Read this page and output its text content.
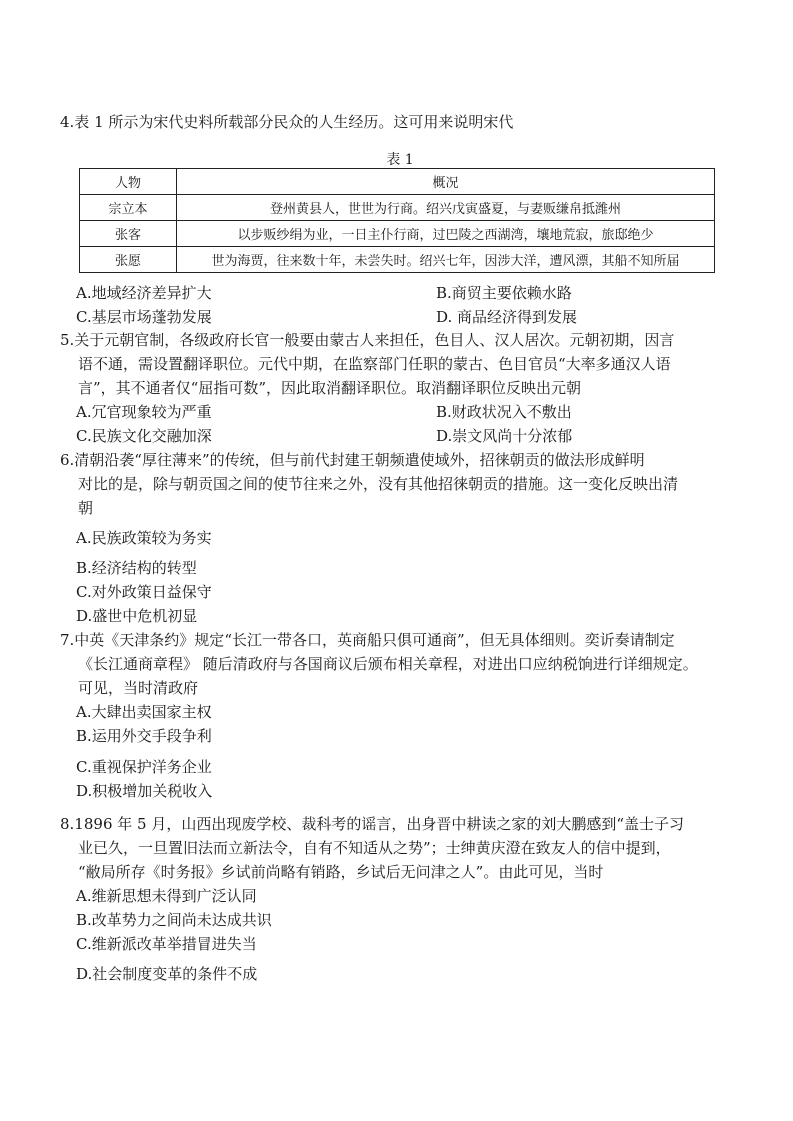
4.表 1 所示为宋代史料所载部分民众的人生经历。这可用来说明宋代

表 1
人物	概况
宗立本	登州黄县人，世世为行商。绍兴戊寅盛夏，与妻贩缣帛抵潍州
张客	以步贩纱绢为业，一日主仆行商，过巴陵之西湖湾，壤地荒寂，旅邸绝少
张愿	世为海贾，往来数十年，未尝失时。绍兴七年，因涉大洋，遭风漂，其船不知所届
A.地域经济差异扩大	B.商贸主要依赖水路
C.基层市场蓬勃发展	D. 商品经济得到发展

5.关于元朝官制，各级政府长官一般要由蒙古人来担任，色目人、汉人居次。元朝初期，因言

语不通，需设置翻译职位。元代中期，在监察部门任职的蒙古、色目官员“大率多通汉人语

言”，其不通者仅“屈指可数”，因此取消翻译职位。取消翻译职位反映出元朝

A.冗官现象较为严重	B.财政状况入不敷出
C.民族文化交融加深	D.崇文风尚十分浓郁

6.清朝沿袭“厚往薄来”的传统，但与前代封建王朝频遣使域外，招徕朝贡的做法形成鲜明

对比的是，除与朝贡国之间的使节往来之外，没有其他招徕朝贡的措施。这一变化反映出清

朝

A.民族政策较为务实
B.经济结构的转型
C.对外政策日益保守
D.盛世中危机初显

7.中英《天津条约》规定“长江一带各口，英商船只俱可通商”，但无具体细则。奕䜣奏请制定

《长江通商章程》 随后清政府与各国商议后颁布相关章程，对进出口应纳税饷进行详细规定。

可见，当时清政府

A.大肆出卖国家主权
B.运用外交手段争利
C.重视保护洋务企业
D.积极增加关税收入

8.1896 年 5 月，山西出现废学校、裁科考的谣言，出身晋中耕读之家的刘大鹏感到“盖士子习

业已久，一旦置旧法而立新法令，自有不知适从之势”；士绅黄庆澄在致友人的信中提到，

“敝局所存《时务报》乡试前尚略有销路，乡试后无问津之人”。由此可见，当时

A.维新思想未得到广泛认同
B.改革势力之间尚未达成共识
C.维新派改革举措冒进失当
D.社会制度变革的条件不成
